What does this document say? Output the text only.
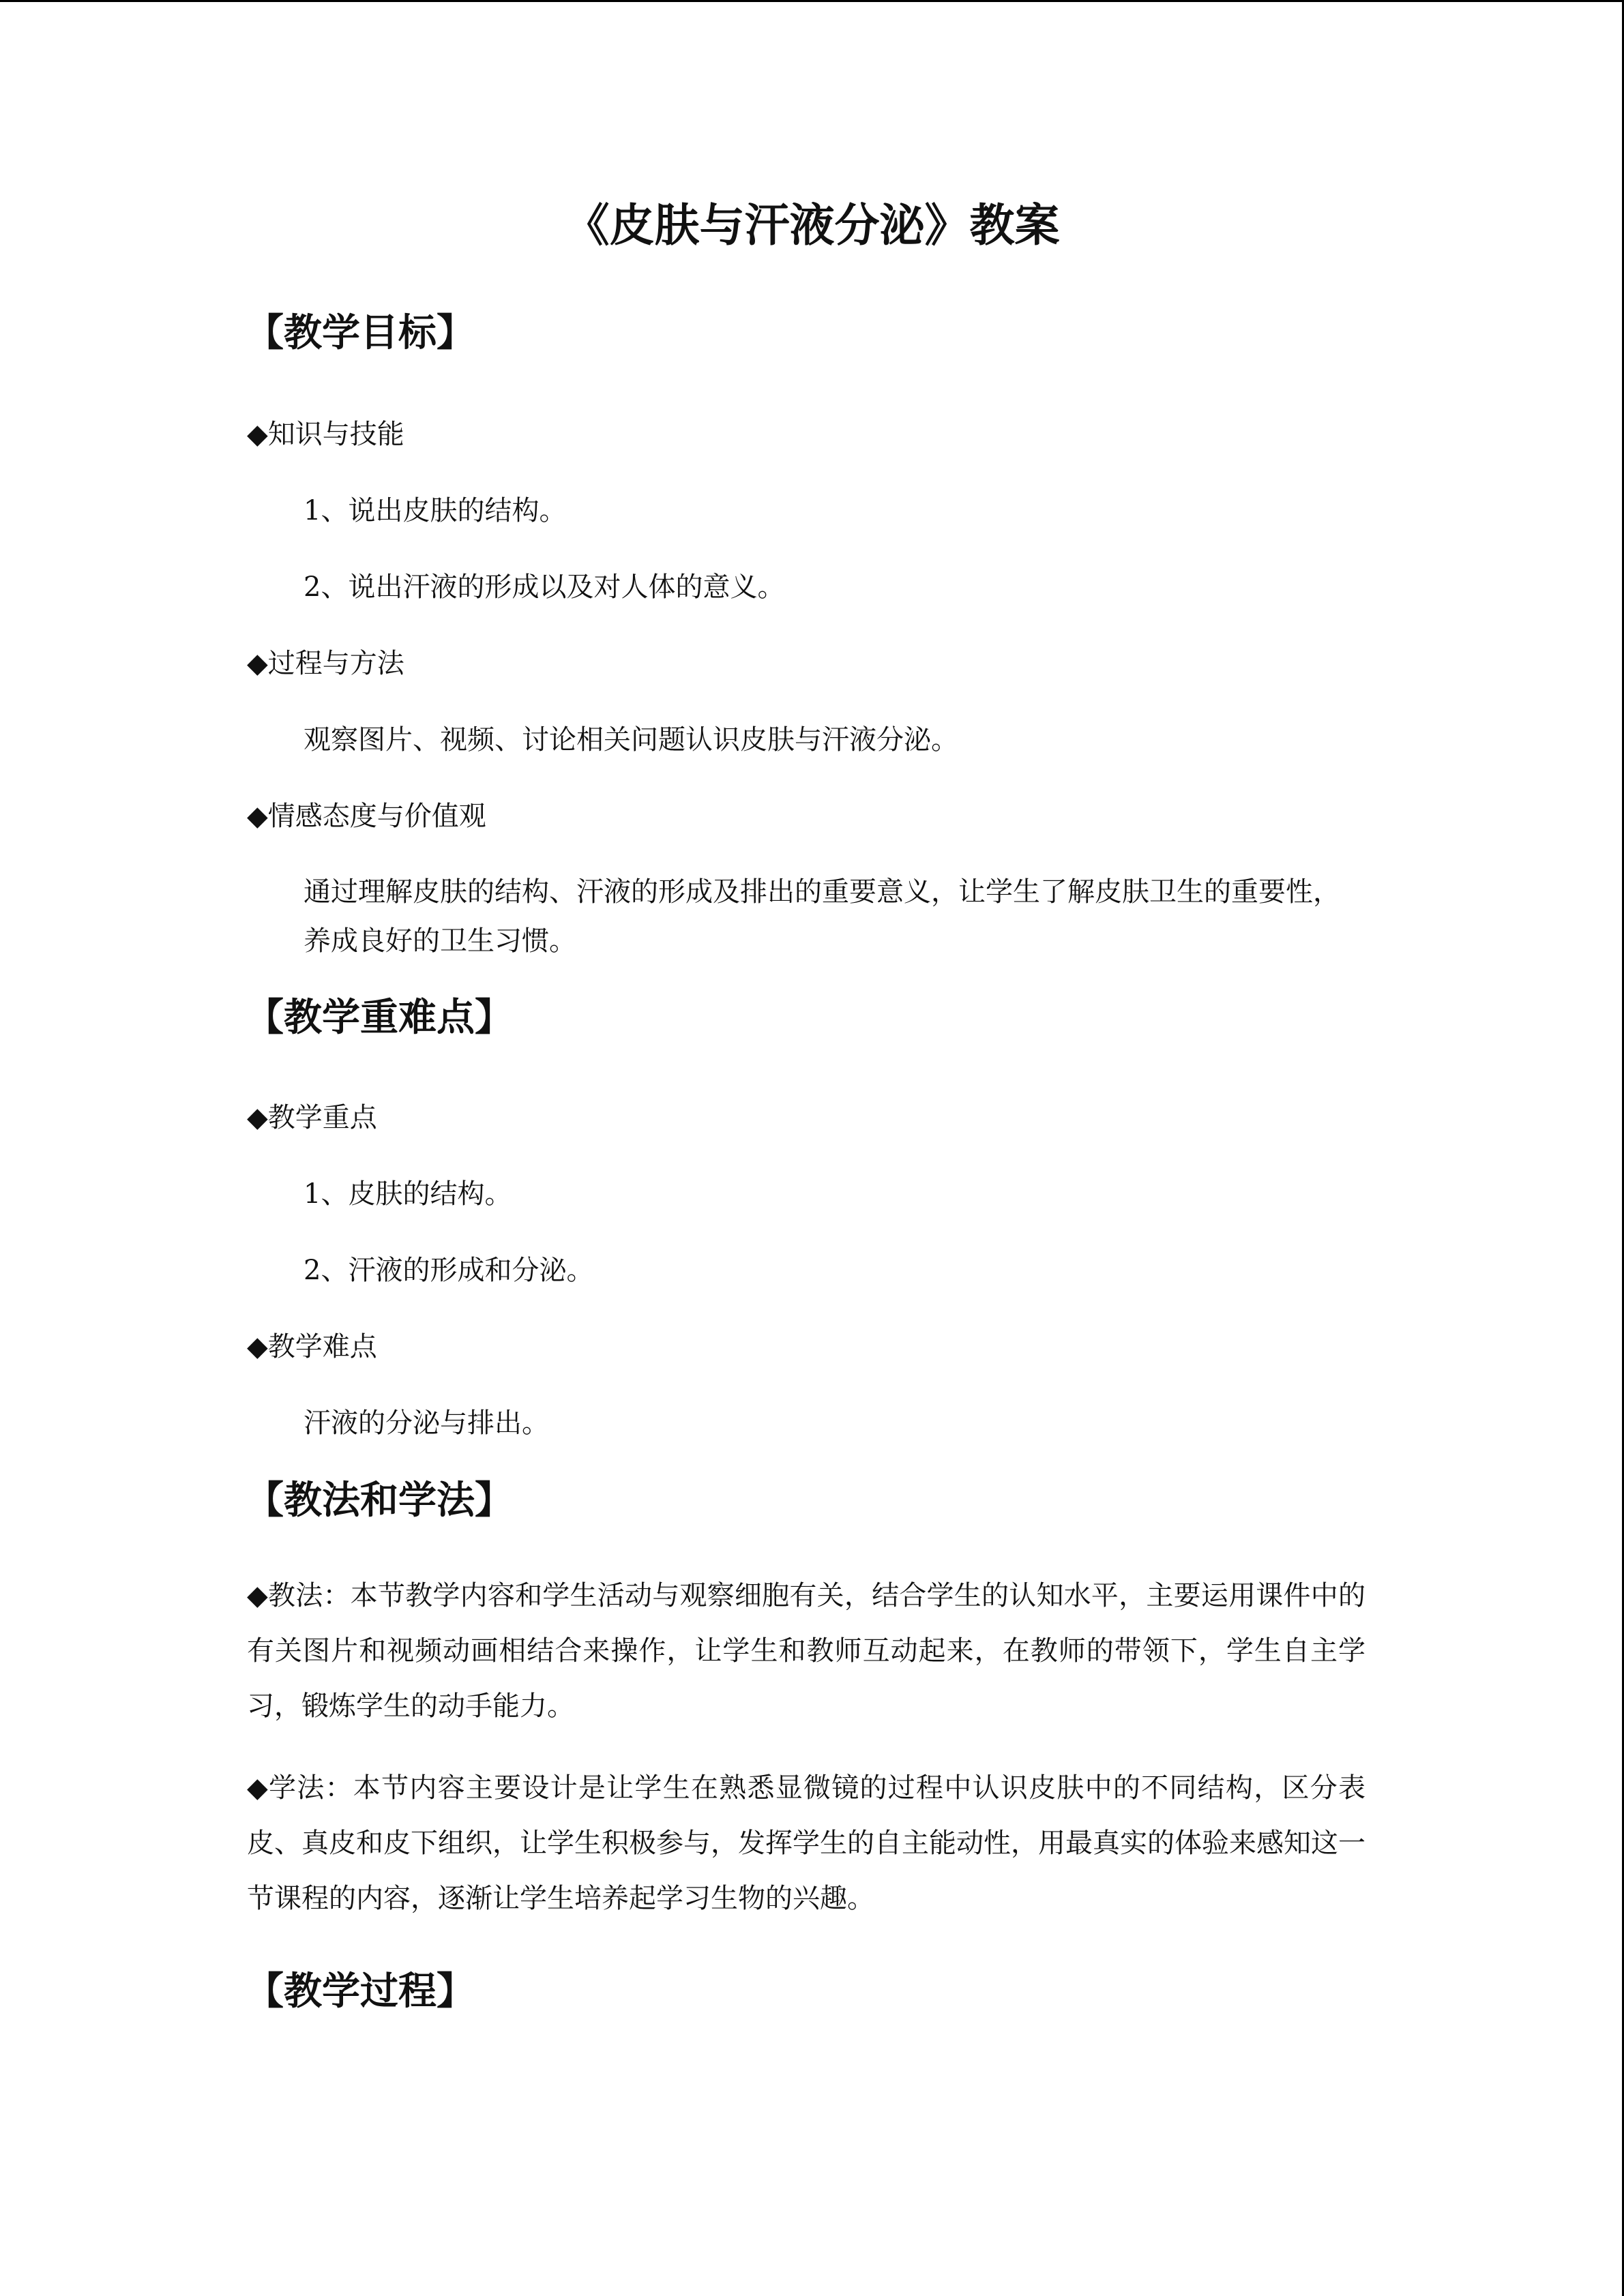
《皮肤与汗液分泌》教案
【教学目标】
◆知识与技能
1、说出皮肤的结构。
2、说出汗液的形成以及对人体的意义。
◆过程与方法
观察图片、视频、讨论相关问题认识皮肤与汗液分泌。
◆情感态度与价值观
通过理解皮肤的结构、汗液的形成及排出的重要意义，让学生了解皮肤卫生的重要性，养成良好的卫生习惯。
【教学重难点】
◆教学重点
1、皮肤的结构。
2、汗液的形成和分泌。
◆教学难点
汗液的分泌与排出。
【教法和学法】
◆教法：本节教学内容和学生活动与观察细胞有关，结合学生的认知水平，主要运用课件中的有关图片和视频动画相结合来操作，让学生和教师互动起来，在教师的带领下，学生自主学习，锻炼学生的动手能力。
◆学法：本节内容主要设计是让学生在熟悉显微镜的过程中认识皮肤中的不同结构，区分表皮、真皮和皮下组织，让学生积极参与，发挥学生的自主能动性，用最真实的体验来感知这一节课程的内容，逐渐让学生培养起学习生物的兴趣。
【教学过程】
